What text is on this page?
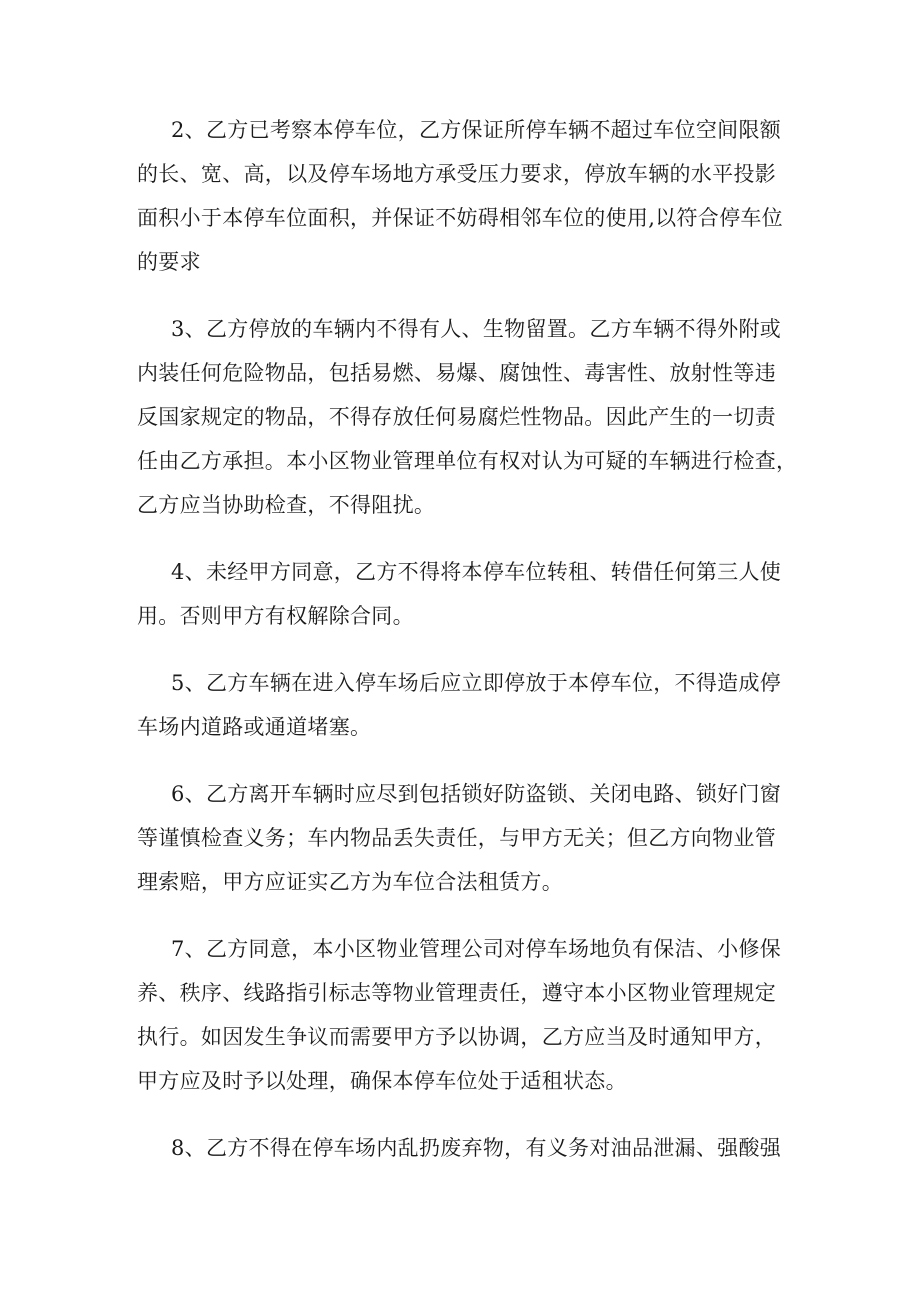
2、乙方已考察本停车位，乙方保证所停车辆不超过车位空间限额
的长、宽、高，以及停车场地方承受压力要求，停放车辆的水平投影
面积小于本停车位面积，并保证不妨碍相邻车位的使用,以符合停车位
的要求

3、乙方停放的车辆内不得有人、生物留置。乙方车辆不得外附或
内装任何危险物品，包括易燃、易爆、腐蚀性、毒害性、放射性等违
反国家规定的物品，不得存放任何易腐烂性物品。因此产生的一切责
任由乙方承担。本小区物业管理单位有权对认为可疑的车辆进行检查，
乙方应当协助检查，不得阻扰。

4、未经甲方同意，乙方不得将本停车位转租、转借任何第三人使
用。否则甲方有权解除合同。

5、乙方车辆在进入停车场后应立即停放于本停车位，不得造成停
车场内道路或通道堵塞。

6、乙方离开车辆时应尽到包括锁好防盗锁、关闭电路、锁好门窗
等谨慎检查义务；车内物品丢失责任，与甲方无关；但乙方向物业管
理索赔，甲方应证实乙方为车位合法租赁方。

7、乙方同意，本小区物业管理公司对停车场地负有保洁、小修保
养、秩序、线路指引标志等物业管理责任，遵守本小区物业管理规定
执行。如因发生争议而需要甲方予以协调，乙方应当及时通知甲方，
甲方应及时予以处理，确保本停车位处于适租状态。

8、乙方不得在停车场内乱扔废弃物，有义务对油品泄漏、强酸强
